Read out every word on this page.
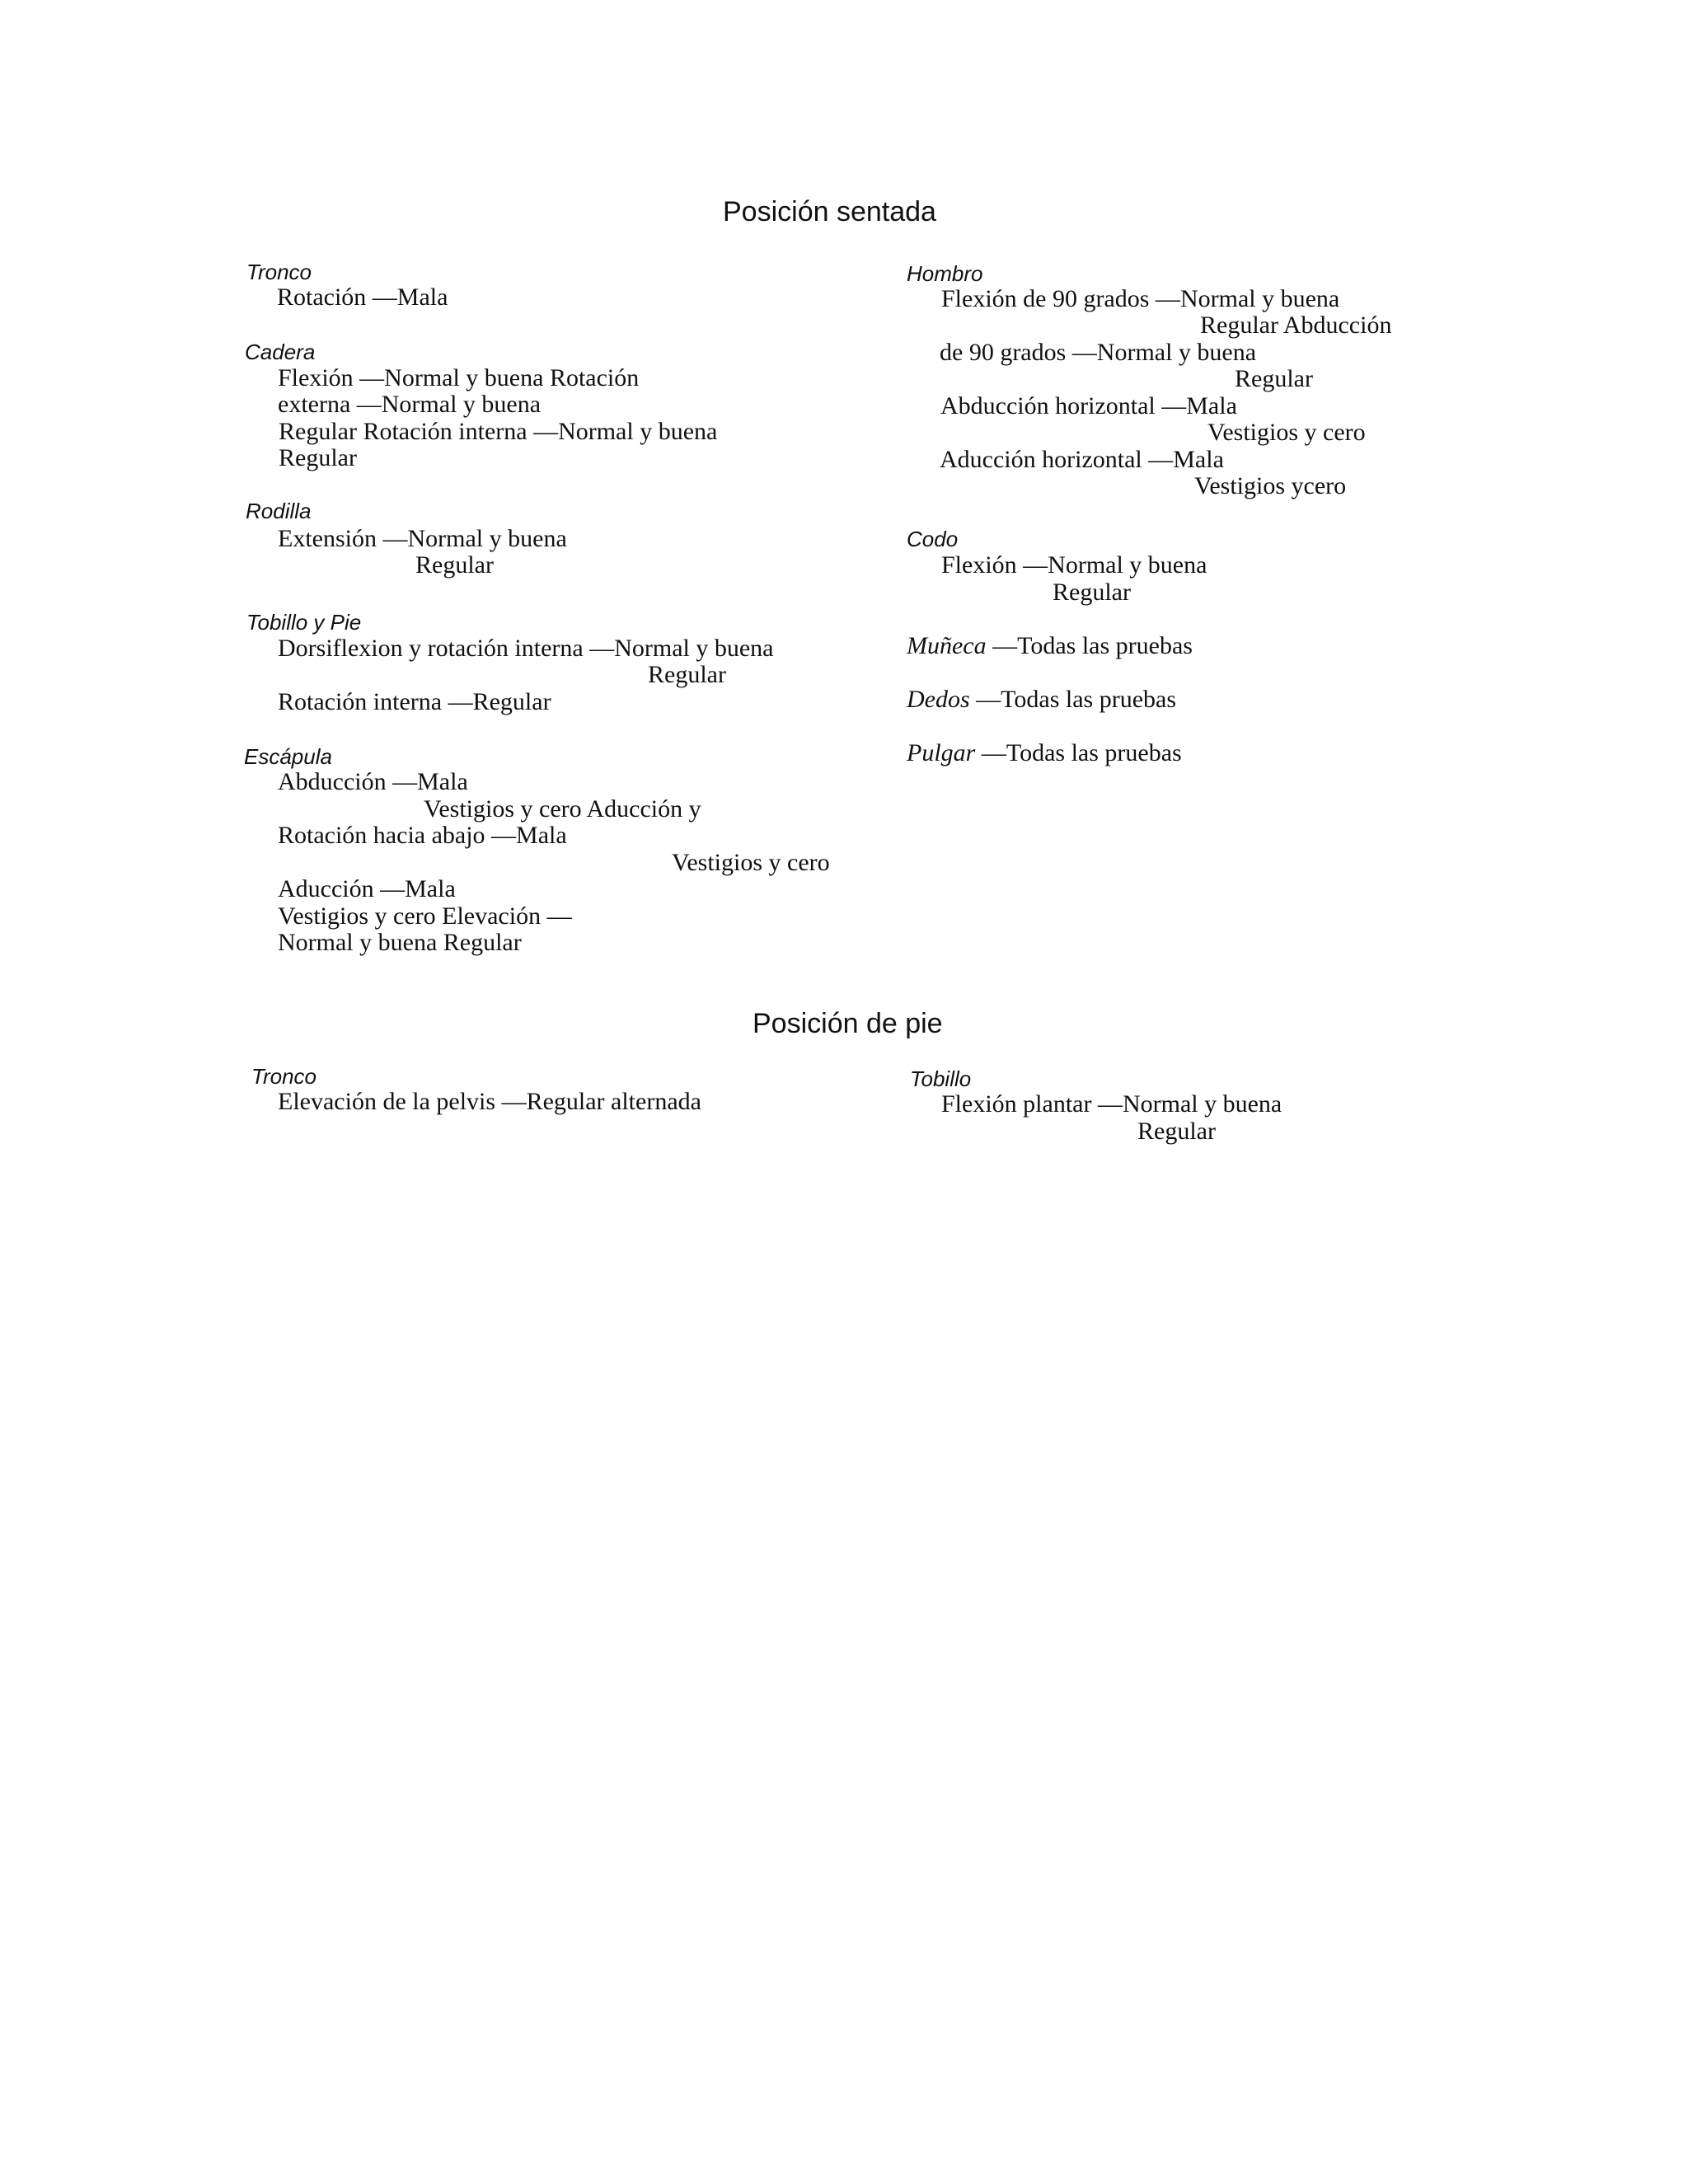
Posición sentada
Tronco
Rotación —Mala
Cadera
Flexión —Normal y buena Rotación
externa —Normal y buena
Regular Rotación interna —Normal y buena
Regular
Rodilla
Extensión —Normal y buena
Regular
Tobillo y Pie
Dorsiflexion y rotación interna —Normal y buena
Regular
Rotación interna —Regular
Escápula
Abducción —Mala
Vestigios y cero Aducción y
Rotación hacia abajo —Mala
Vestigios y cero
Aducción —Mala
Vestigios y cero Elevación —
Normal y buena Regular
Hombro
Flexión de 90 grados —Normal y buena
Regular Abducción
de 90 grados —Normal y buena
Regular
Abducción horizontal —Mala
Vestigios y cero
Aducción horizontal —Mala
Vestigios ycero
Codo
Flexión —Normal y buena
Regular
Muñeca —Todas las pruebas
Dedos —Todas las pruebas
Pulgar —Todas las pruebas
Posición de pie
Tronco
Elevación de la pelvis —Regular alternada
Tobillo
Flexión plantar —Normal y buena
Regular
